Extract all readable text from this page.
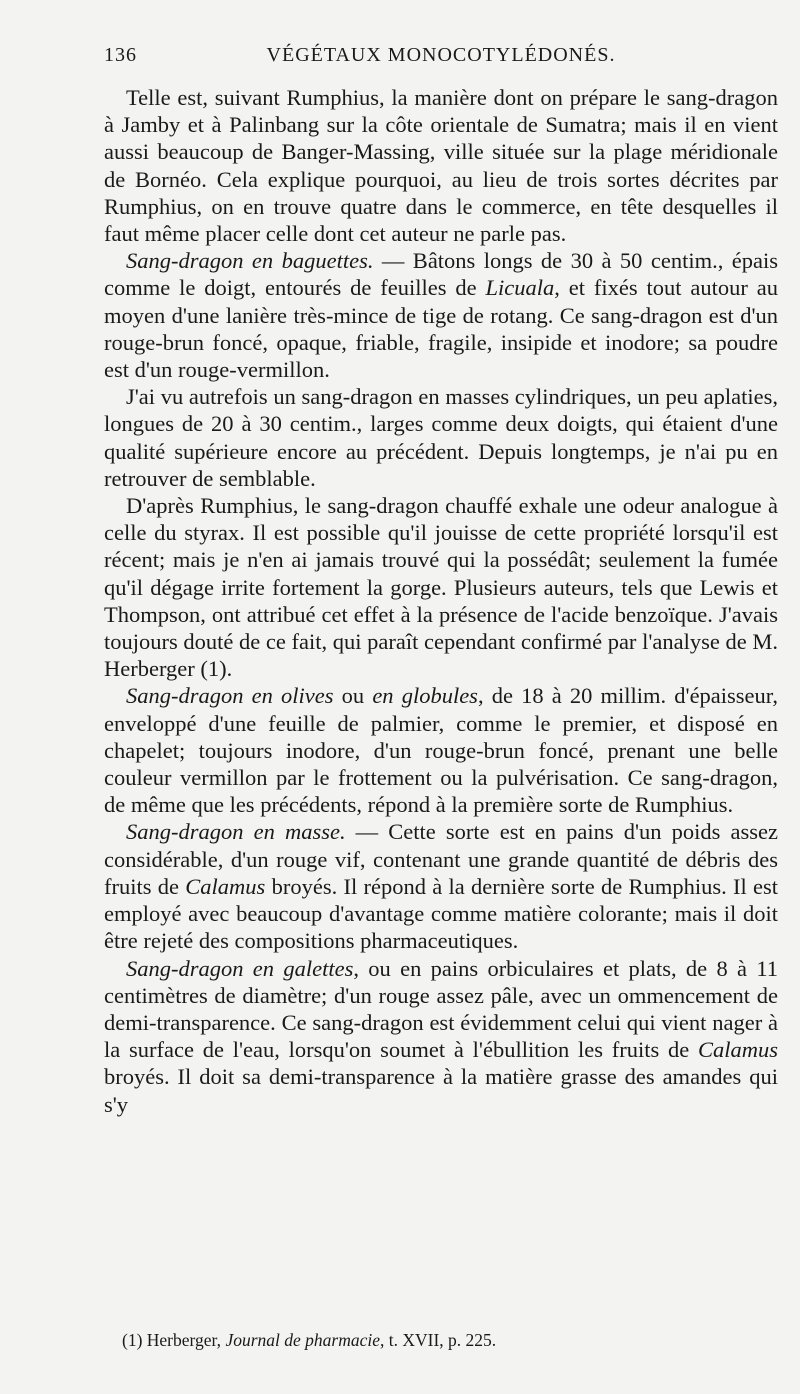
136	VÉGÉTAUX MONOCOTYLÉDONÉS.

Telle est, suivant Rumphius, la manière dont on prépare le sang-dragon à Jamby et à Palinbang sur la côte orientale de Sumatra; mais il en vient aussi beaucoup de Banger-Massing, ville située sur la plage méridionale de Bornéo. Cela explique pourquoi, au lieu de trois sortes décrites par Rumphius, on en trouve quatre dans le commerce, en tête desquelles il faut même placer celle dont cet auteur ne parle pas.

Sang-dragon en baguettes. — Bâtons longs de 30 à 50 centim., épais comme le doigt, entourés de feuilles de Licuala, et fixés tout autour au moyen d'une lanière très-mince de tige de rotang. Ce sang-dragon est d'un rouge-brun foncé, opaque, friable, fragile, insipide et inodore; sa poudre est d'un rouge-vermillon.

J'ai vu autrefois un sang-dragon en masses cylindriques, un peu aplaties, longues de 20 à 30 centim., larges comme deux doigts, qui étaient d'une qualité supérieure encore au précédent. Depuis longtemps, je n'ai pu en retrouver de semblable.

D'après Rumphius, le sang-dragon chauffé exhale une odeur analogue à celle du styrax. Il est possible qu'il jouisse de cette propriété lorsqu'il est récent; mais je n'en ai jamais trouvé qui la possédât; seulement la fumée qu'il dégage irrite fortement la gorge. Plusieurs auteurs, tels que Lewis et Thompson, ont attribué cet effet à la présence de l'acide benzoïque. J'avais toujours douté de ce fait, qui paraît cependant confirmé par l'analyse de M. Herberger (1).

Sang-dragon en olives ou en globules, de 18 à 20 millim. d'épaisseur, enveloppé d'une feuille de palmier, comme le premier, et disposé en chapelet; toujours inodore, d'un rouge-brun foncé, prenant une belle couleur vermillon par le frottement ou la pulvérisation. Ce sang-dragon, de même que les précédents, répond à la première sorte de Rumphius.

Sang-dragon en masse. — Cette sorte est en pains d'un poids assez considérable, d'un rouge vif, contenant une grande quantité de débris des fruits de Calamus broyés. Il répond à la dernière sorte de Rumphius. Il est employé avec beaucoup d'avantage comme matière colorante; mais il doit être rejeté des compositions pharmaceutiques.

Sang-dragon en galettes, ou en pains orbiculaires et plats, de 8 à 11 centimètres de diamètre; d'un rouge assez pâle, avec un ommencement de demi-transparence. Ce sang-dragon est évidemment celui qui vient nager à la surface de l'eau, lorsqu'on soumet à l'ébullition les fruits de Calamus broyés. Il doit sa demi-transparence à la matière grasse des amandes qui s'y

(1) Herberger, Journal de pharmacie, t. XVII, p. 225.
